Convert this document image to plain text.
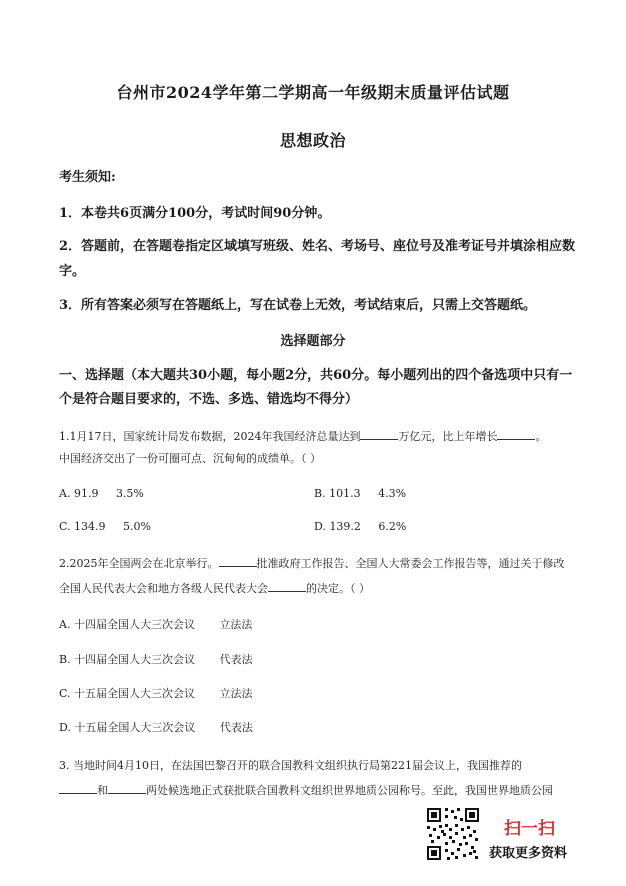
台州市2024学年第二学期高一年级期末质量评估试题
思想政治
考生须知:
1．本卷共6页满分100分，考试时间90分钟。
2．答题前，在答题卷指定区域填写班级、姓名、考场号、座位号及准考证号并填涂相应数
字。
3．所有答案必须写在答题纸上，写在试卷上无效，考试结束后，只需上交答题纸。
选择题部分
一、选择题（本大题共30小题，每小题2分，共60分。每小题列出的四个备选项中只有一
个是符合题目要求的，不选、多选、错选均不得分）
1.1月17日，国家统计局发布数据，2024年我国经济总量达到	万亿元，比上年增长	。
中国经济交出了一份可圈可点、沉甸甸的成绩单。（ ）
A. 91.9 3.5%	B. 101.3 4.3%
C. 134.9 5.0%	D. 139.2 6.2%
2.2025年全国两会在北京举行。	批准政府工作报告、全国人大常委会工作报告等，通过关于修改
全国人民代表大会和地方各级人民代表大会	的决定。（ ）
A. 十四届全国人大三次会议 立法法
B. 十四届全国人大三次会议 代表法
C. 十五届全国人大三次会议 立法法
D. 十五届全国人大三次会议 代表法
3. 当地时间4月10日，在法国巴黎召开的联合国教科文组织执行局第221届会议上，我国推荐的
和	两处候选地正式获批联合国教科文组织世界地质公园称号。至此，我国世界地质公园
扫一扫
获取更多资料
